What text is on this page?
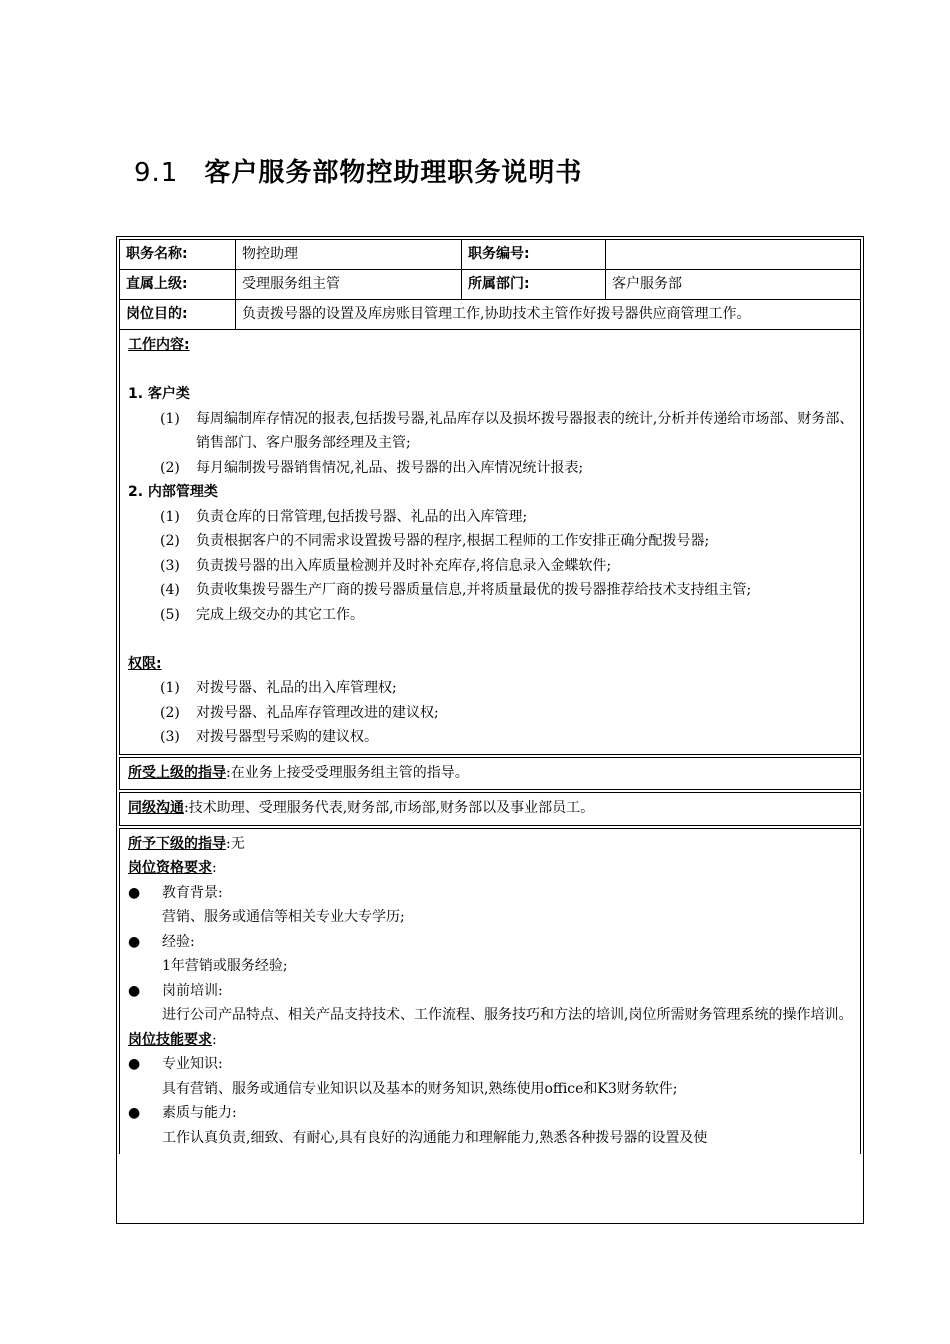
9.1 客户服务部物控助理职务说明书
职务名称:	物控助理	职务编号:	
直属上级:	受理服务组主管	所属部门:	客户服务部
岗位目的:	负责拨号器的设置及库房账目管理工作,协助技术主管作好拨号器供应商管理工作。		
工作内容:
1. 客户类
(1)	每周编制库存情况的报表,包括拨号器,礼品库存以及损坏拨号器报表的统计,分析并传递给市场部、财务部、销售部门、客户服务部经理及主管;
(2)	每月编制拨号器销售情况,礼品、拨号器的出入库情况统计报表;
2. 内部管理类
(1)	负责仓库的日常管理,包括拨号器、礼品的出入库管理;
(2)	负责根据客户的不同需求设置拨号器的程序,根据工程师的工作安排正确分配拨号器;
(3)	负责拨号器的出入库质量检测并及时补充库存,将信息录入金蝶软件;
(4)	负责收集拨号器生产厂商的拨号器质量信息,并将质量最优的拨号器推荐给技术支持组主管;
(5)	完成上级交办的其它工作。
权限:
(1)	对拨号器、礼品的出入库管理权;
(2)	对拨号器、礼品库存管理改进的建议权;
(3)	对拨号器型号采购的建议权。
所受上级的指导:在业务上接受受理服务组主管的指导。
同级沟通:技术助理、受理服务代表,财务部,市场部,财务部以及事业部员工。
所予下级的指导:无
岗位资格要求:
●	教育背景:
营销、服务或通信等相关专业大专学历;
●	经验:
1年营销或服务经验;
●	岗前培训:
进行公司产品特点、相关产品支持技术、工作流程、服务技巧和方法的培训,岗位所需财务管理系统的操作培训。
岗位技能要求:
●	专业知识:
具有营销、服务或通信专业知识以及基本的财务知识,熟练使用office和K3财务软件;
●	素质与能力:
工作认真负责,细致、有耐心,具有良好的沟通能力和理解能力,熟悉各种拨号器的设置及使
